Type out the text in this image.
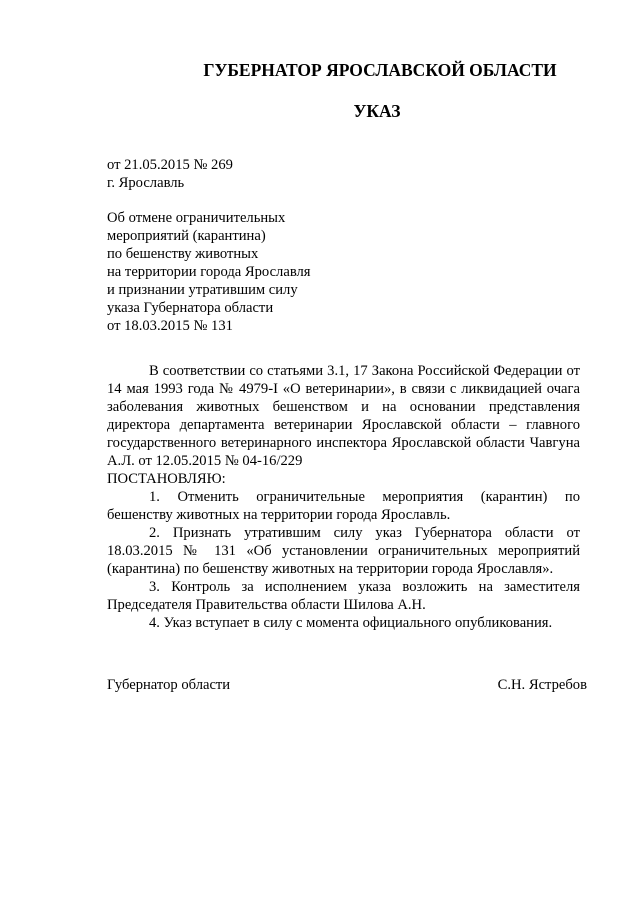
ГУБЕРНАТОР ЯРОСЛАВСКОЙ ОБЛАСТИ
УКАЗ
от 21.05.2015 № 269
г. Ярославль
Об отмене ограничительных
мероприятий (карантина)
по бешенству животных
на территории города Ярославля
и признании утратившим силу
указа Губернатора области
от 18.03.2015 № 131

В соответствии со статьями 3.1, 17 Закона Российской Федерации от 14 мая 1993 года № 4979-I «О ветеринарии», в связи с ликвидацией очага заболевания животных бешенством и на основании представления директора департамента ветеринарии Ярославской области – главного государственного ветеринарного инспектора Ярославской области Чавгуна А.Л. от 12.05.2015 № 04-16/229

ПОСТАНОВЛЯЮ:

1. Отменить ограничительные мероприятия (карантин) по бешенству животных на территории города Ярославль.

2. Признать утратившим силу указ Губернатора области от 18.03.2015 № 131 «Об установлении ограничительных мероприятий (карантина) по бешенству животных на территории города Ярославля».

3. Контроль за исполнением указа возложить на заместителя Председателя Правительства области Шилова А.Н.

4. Указ вступает в силу с момента официального опубликования.

Губернатор области	С.Н. Ястребов
